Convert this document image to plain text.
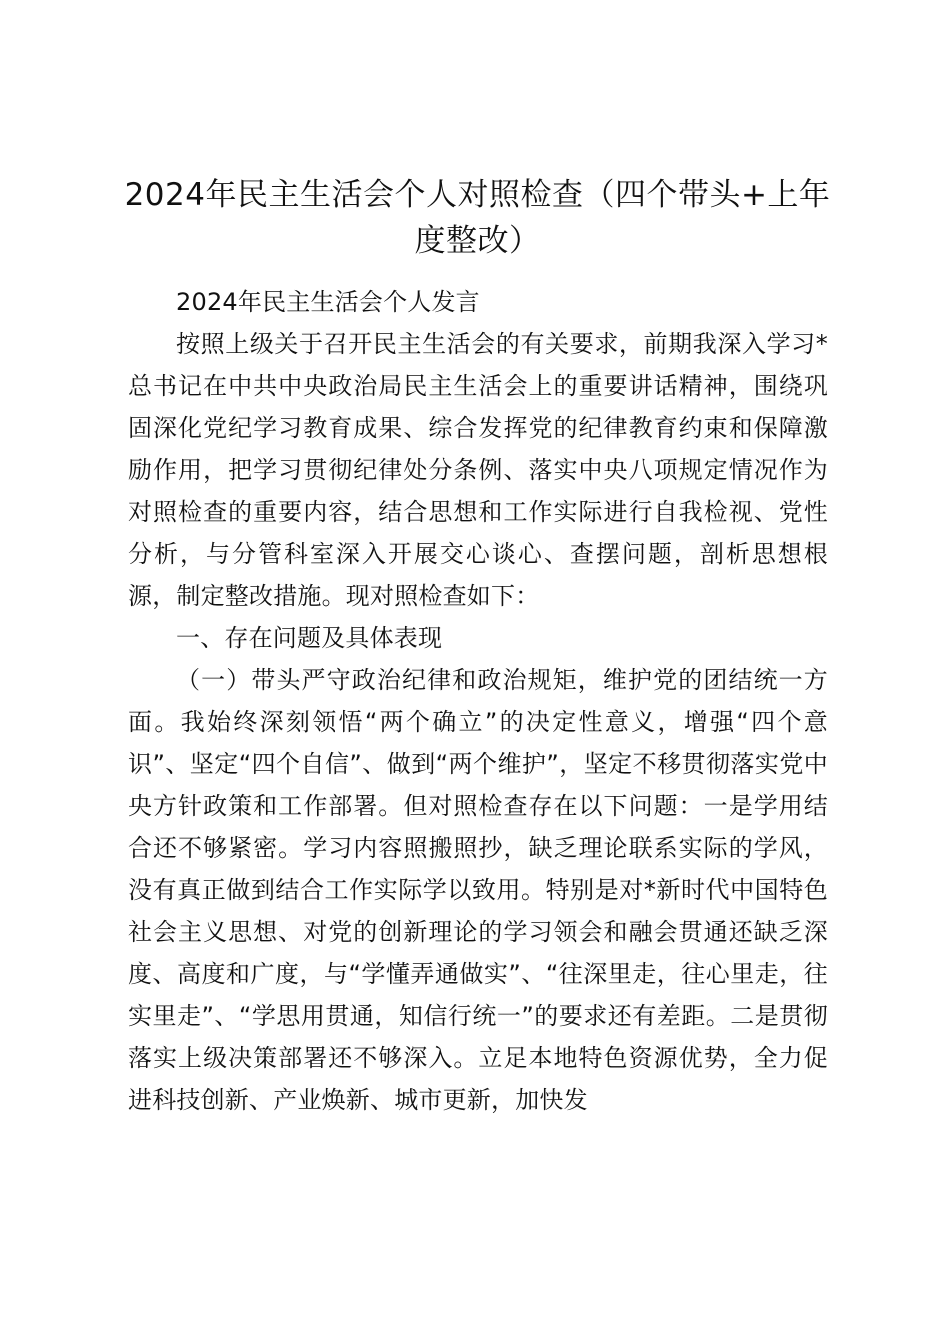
2024年民主生活会个人对照检查（四个带头+上年度整改）

2024年民主生活会个人发言

按照上级关于召开民主生活会的有关要求，前期我深入学习*总书记在中共中央政治局民主生活会上的重要讲话精神，围绕巩固深化党纪学习教育成果、综合发挥党的纪律教育约束和保障激励作用，把学习贯彻纪律处分条例、落实中央八项规定情况作为对照检查的重要内容，结合思想和工作实际进行自我检视、党性分析，与分管科室深入开展交心谈心、查摆问题，剖析思想根源，制定整改措施。现对照检查如下：

一、存在问题及具体表现

（一）带头严守政治纪律和政治规矩，维护党的团结统一方面。我始终深刻领悟“两个确立”的决定性意义，增强“四个意识”、坚定“四个自信”、做到“两个维护”，坚定不移贯彻落实党中央方针政策和工作部署。但对照检查存在以下问题：一是学用结合还不够紧密。学习内容照搬照抄，缺乏理论联系实际的学风，没有真正做到结合工作实际学以致用。特别是对*新时代中国特色社会主义思想、对党的创新理论的学习领会和融会贯通还缺乏深度、高度和广度，与“学懂弄通做实”、“往深里走，往心里走，往实里走”、“学思用贯通，知信行统一”的要求还有差距。二是贯彻落实上级决策部署还不够深入。立足本地特色资源优势，全力促进科技创新、产业焕新、城市更新，加快发
